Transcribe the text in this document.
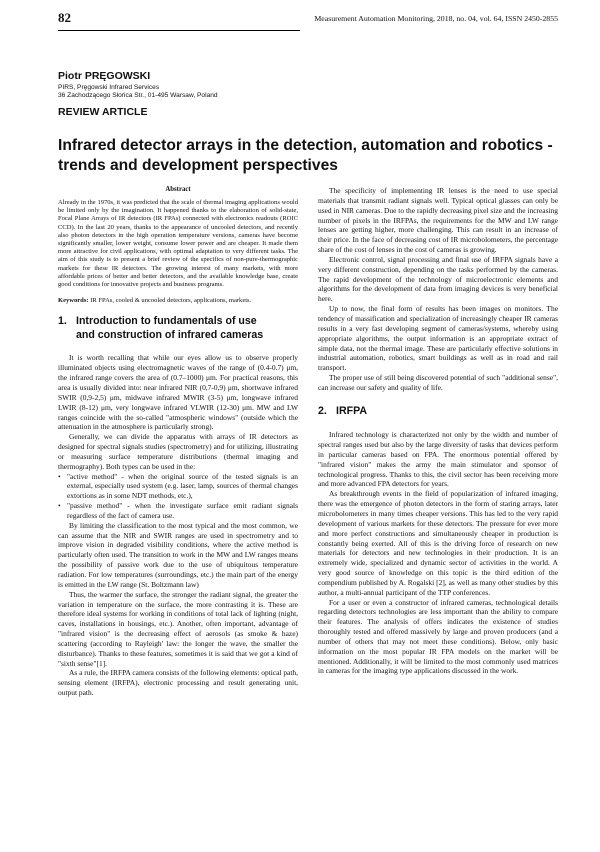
82	Measurement Automation Monitoring, 2018, no. 04, vol. 64, ISSN 2450-2855
Piotr PRĘGOWSKI
PIRS, Pręgowski Infrared Services
36 Zachodzącego Słońca Str., 01-495 Warsaw, Poland
REVIEW ARTICLE
Infrared detector arrays in the detection, automation and robotics - trends and development perspectives
Abstract

Already in the 1970s, it was predicted that the scale of thermal imaging applications would be limited only by the imagination. It happened thanks to the elaboration of solid-state, Focal Plane Arrays of IR detectors (IR FPAs) connected with electronics readouts (ROIC CCD). In the last 20 years, thanks to the appearance of uncooled detectors, and recently also photon detectors in the high operation temperature versions, cameras have become significantly smaller, lower weight, consume lower power and are cheaper. It made them more attractive for civil applications, with optimal adaptation to very different tasks. The aim of this study is to present a brief review of the specifics of non-pure-thermographic markets for these IR detectors. The growing interest of many markets, with more affordable prices of better and better detectors, and the available knowledge base, create good conditions for innovative projects and business programs.

Keywords: IR FPAs, cooled & uncooled detectors, applications, markets.

1. Introduction to fundamentals of use
and construction of infrared cameras

It is worth recalling that while our eyes allow us to observe properly illuminated objects using electromagnetic waves of the range of (0.4-0.7) μm, the infrared range covers the area of (0.7–1000) μm. For practical reasons, this area is usually divided into: near infrared NIR (0,7-0,9) μm, shortwave infrared SWIR (0,9-2,5) μm, midwave infrared MWIR (3-5) μm, longwave infrared LWIR (8-12) μm, very longwave infrared VLWIR (12-30) μm. MW and LW ranges coincide with the so-called "atmospheric windows" (outside which the attenuation in the atmosphere is particularly strong).

Generally, we can divide the apparatus with arrays of IR detectors as designed for spectral signals studies (spectrometry) and for utilizing, illustrating or measuring surface temperature distributions (thermal imaging and thermography). Both types can be used in the:

• "active method" - when the original source of the tested signals is an external, especially used system (e.g. laser, lamp, sources of thermal changes extortions as in some NDT methods, etc.),
• "passive method" - when the investigate surface emit radiant signals regardless of the fact of camera use.

By limiting the classification to the most typical and the most common, we can assume that the NIR and SWIR ranges are used in spectrometry and to improve vision in degraded visibility conditions, where the active method is particularly often used. The transition to work in the MW and LW ranges means the possibility of passive work due to the use of ubiquitous temperature radiation. For low temperatures (surroundings, etc.) the main part of the energy is emitted in the LW range (St. Boltzmann law)

Thus, the warmer the surface, the stronger the radiant signal, the greater the variation in temperature on the surface, the more contrasting it is. These are therefore ideal systems for working in conditions of total lack of lighting (night, caves, installations in housings, etc.). Another, often important, advantage of "infrared vision" is the decreasing effect of aerosols (as smoke & haze) scattering (according to Rayleigh' law: the longer the wave, the smaller the disturbance). Thanks to these features, sometimes it is said that we got a kind of "sixth sense"[1].

As a rule, the IRFPA camera consists of the following elements: optical path, sensing element (IRFPA), electronic processing and result generating unit, output path.

The specificity of implementing IR lenses is the need to use special materials that transmit radiant signals well. Typical optical glasses can only be used in NIR cameras. Due to the rapidly decreasing pixel size and the increasing number of pixels in the IRFPAs, the requirements for the MW and LW range lenses are getting higher, more challenging. This can result in an increase of their price. In the face of decreasing cost of IR microbolometers, the percentage share of the cost of lenses in the cost of cameras is growing.

Electronic control, signal processing and final use of IRFPA signals have a very different construction, depending on the tasks performed by the cameras. The rapid development of the technology of microelectronic elements and algorithms for the development of data from imaging devices is very beneficial here.

Up to now, the final form of results has been images on monitors. The tendency of massification and specialization of increasingly cheaper IR cameras results in a very fast developing segment of cameras/systems, whereby using appropriate algorithms, the output information is an appropriate extract of simple data, not the thermal image. These are particularly effective solutions in industrial automation, robotics, smart buildings as well as in road and rail transport.

The proper use of still being discovered potential of such "additional sense", can increase our safety and quality of life.

2. IRFPA

Infrared technology is characterized not only by the width and number of spectral ranges used but also by the large diversity of tasks that devices perform in particular cameras based on FPA. The enormous potential offered by "infrared vision" makes the army the main stimulator and sponsor of technological progress. Thanks to this, the civil sector has been receiving more and more advanced FPA detectors for years.

As breakthrough events in the field of popularization of infrared imaging, there was the emergence of photon detectors in the form of staring arrays, later microbolometers in many times cheaper versions. This has led to the very rapid development of various markets for these detectors. The pressure for ever more and more perfect constructions and simultaneously cheaper in production is constantly being exerted. All of this is the driving force of research on new materials for detectors and new technologies in their production. It is an extremely wide, specialized and dynamic sector of activities in the world. A very good source of knowledge on this topic is the third edition of the compendium published by A. Rogalski [2], as well as many other studies by this author, a multi-annual participant of the TTP conferences.

For a user or even a constructor of infrared cameras, technological details regarding detectors technologies are less important than the ability to compare their features. The analysis of offers indicates the existence of studies thoroughly tested and offered massively by large and proven producers (and a number of others that may not meet these conditions). Below, only basic information on the most popular IR FPA models on the market will be mentioned. Additionally, it will be limited to the most commonly used matrices in cameras for the imaging type applications discussed in the work.
